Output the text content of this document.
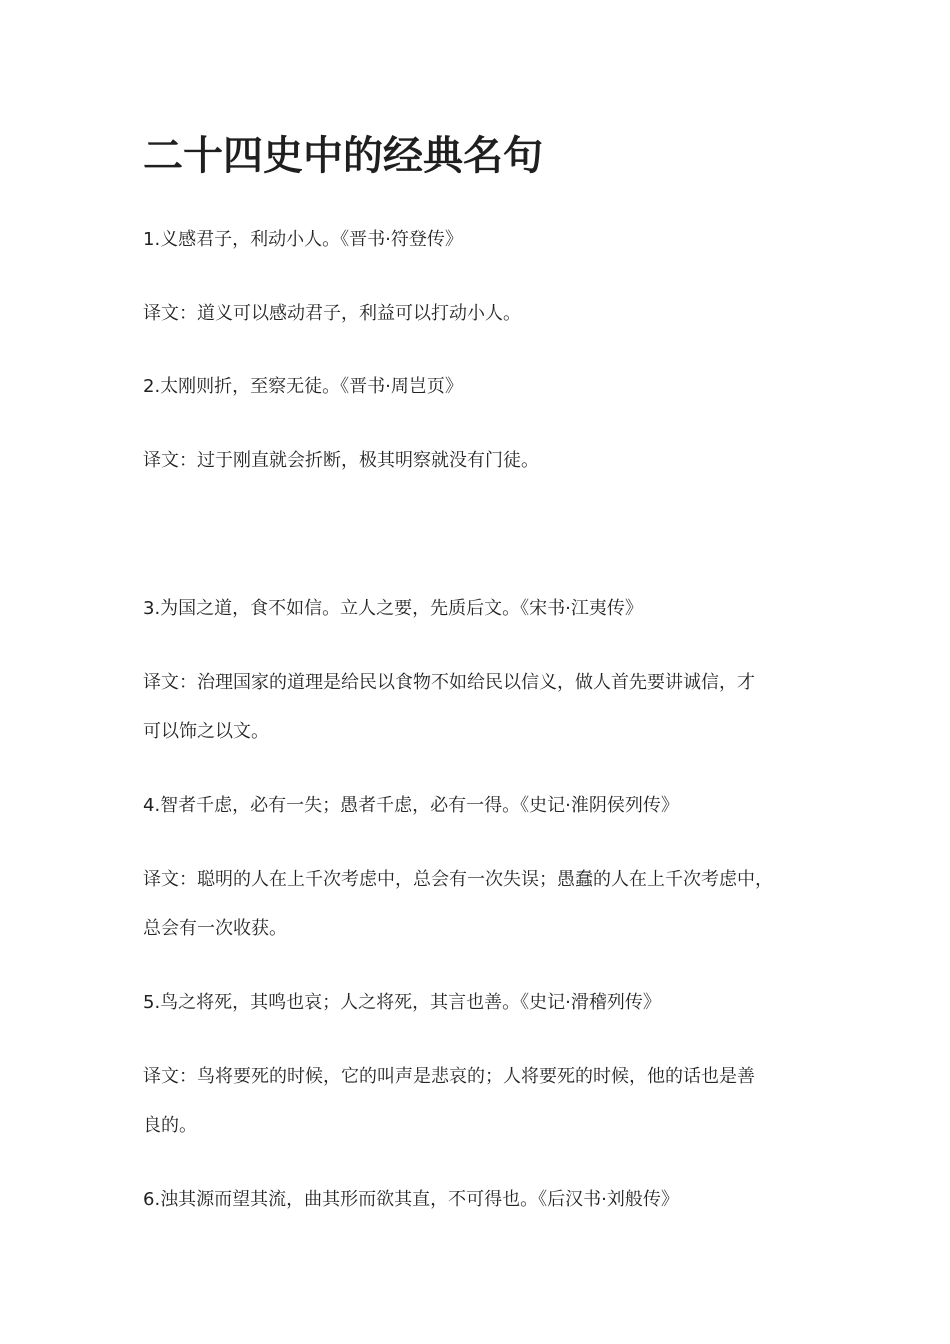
二十四史中的经典名句

1.义感君子，利动小人。《晋书·符登传》

译文：道义可以感动君子，利益可以打动小人。

2.太刚则折，至察无徒。《晋书·周岂页》

译文：过于刚直就会折断，极其明察就没有门徒。

3.为国之道，食不如信。立人之要，先质后文。《宋书·江夷传》

译文：治理国家的道理是给民以食物不如给民以信义，做人首先要讲诚信，才

可以饰之以文。

4.智者千虑，必有一失；愚者千虑，必有一得。《史记·淮阴侯列传》

译文：聪明的人在上千次考虑中，总会有一次失误；愚蠢的人在上千次考虑中，

总会有一次收获。

5.鸟之将死，其鸣也哀；人之将死，其言也善。《史记·滑稽列传》

译文：鸟将要死的时候，它的叫声是悲哀的；人将要死的时候，他的话也是善

良的。

6.浊其源而望其流，曲其形而欲其直，不可得也。《后汉书·刘般传》
